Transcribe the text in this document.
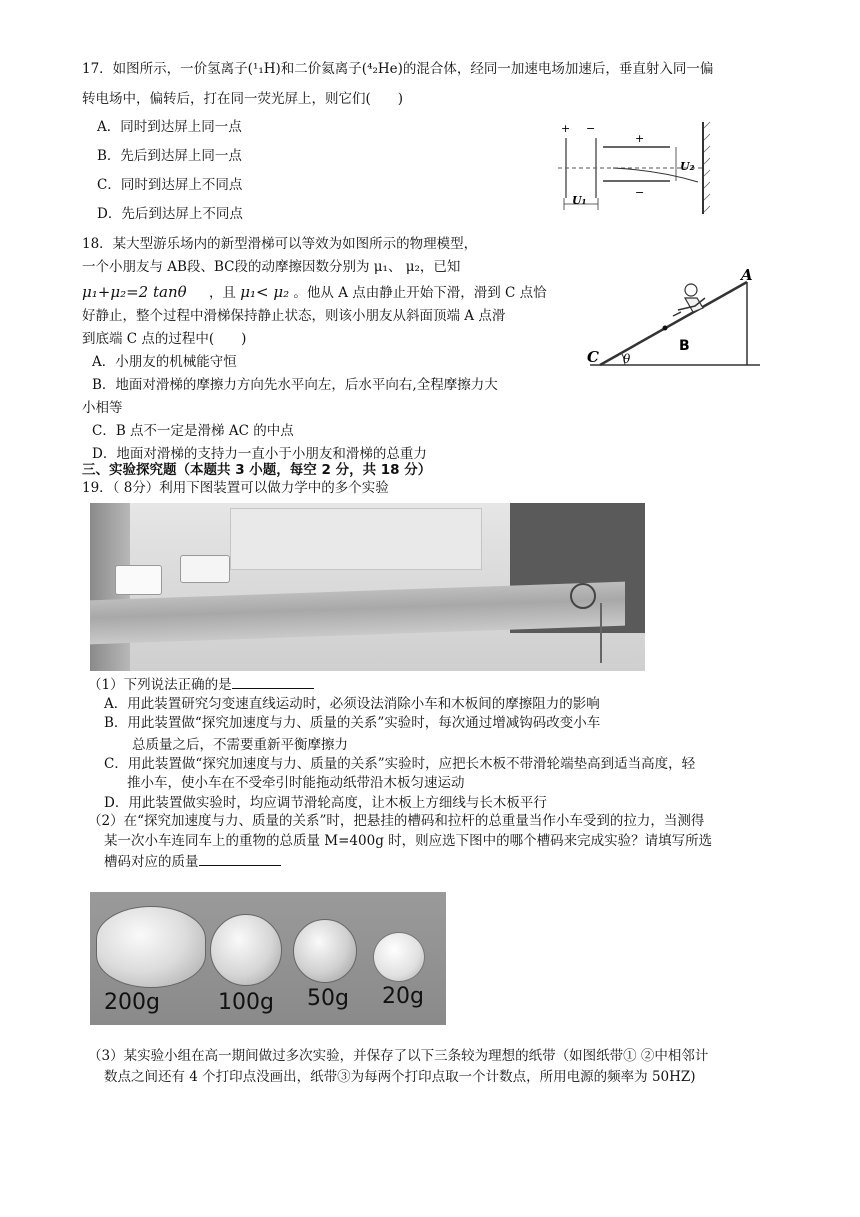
17．如图所示，一价氢离子(¹₁H)和二价氦离子(⁴₂He)的混合体，经同一加速电场加速后，垂直射入同一偏
转电场中，偏转后，打在同一荧光屏上，则它们(　　)
A．同时到达屏上同一点
B．先后到达屏上同一点
C．同时到达屏上不同点
D．先后到达屏上不同点
+ −
+
−
U₂
U₁
18．某大型游乐场内的新型滑梯可以等效为如图所示的物理模型，
一个小朋友与 AB段、BC段的动摩擦因数分别为 μ₁、 μ₂，已知
μ₁+μ₂=2 tanθ ，且 μ₁< μ₂ 。他从 A 点由静止开始下滑，滑到 C 点恰
好静止，整个过程中滑梯保持静止状态，则该小朋友从斜面顶端 A 点滑
到底端 C 点的过程中(　　)
A．小朋友的机械能守恒
B．地面对滑梯的摩擦力方向先水平向左，后水平向右,全程摩擦力大
小相等
C．B 点不一定是滑梯 AC 的中点
D．地面对滑梯的支持力一直小于小朋友和滑梯的总重力
A
B
C θ
三、实验探究题（本题共 3 小题，每空 2 分，共 18 分）
19．（ 8分）利用下图装置可以做力学中的多个实验
（1）下列说法正确的是
A．用此装置研究匀变速直线运动时，必须设法消除小车和木板间的摩擦阻力的影响
B．用此装置做“探究加速度与力、质量的关系”实验时，每次通过增减钩码改变小车
总质量之后，不需要重新平衡摩擦力
C．用此装置做“探究加速度与力、质量的关系”实验时，应把长木板不带滑轮端垫高到适当高度，轻
推小车，使小车在不受牵引时能拖动纸带沿木板匀速运动
D．用此装置做实验时，均应调节滑轮高度，让木板上方细线与长木板平行
（2）在“探究加速度与力、质量的关系”时，把悬挂的槽码和拉杆的总重量当作小车受到的拉力，当测得
某一次小车连同车上的重物的总质量 M=400g 时，则应选下图中的哪个槽码来完成实验？请填写所选
槽码对应的质量
200g	100g 50g 20g
（3）某实验小组在高一期间做过多次实验，并保存了以下三条较为理想的纸带（如图纸带① ②中相邻计
数点之间还有 4 个打印点没画出，纸带③为每两个打印点取一个计数点，所用电源的频率为 50HZ)
